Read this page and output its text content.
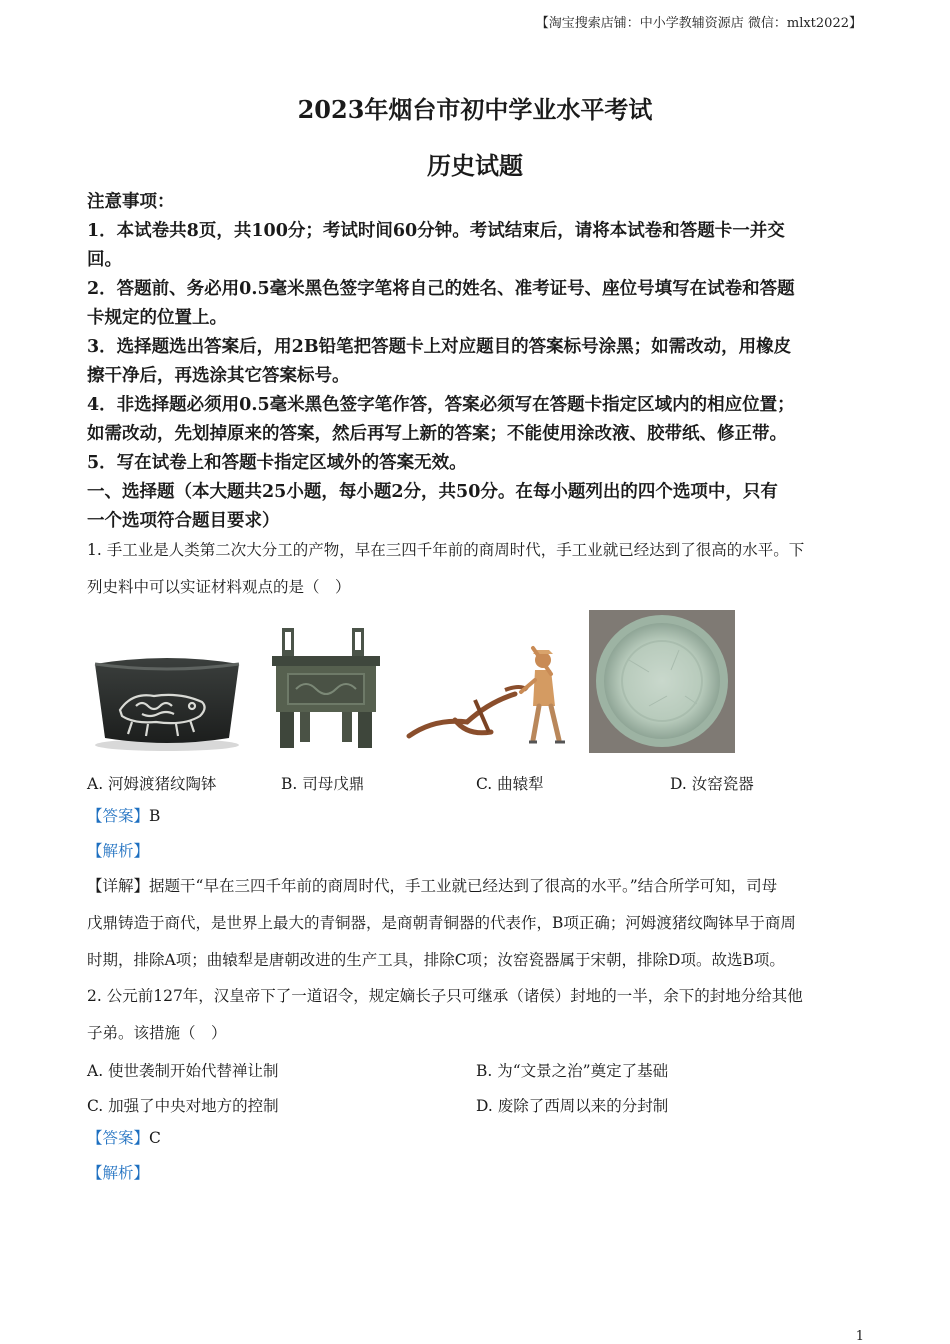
【淘宝搜索店铺：中小学教辅资源店 微信：mlxt2022】
2023年烟台市初中学业水平考试
历史试题
注意事项：
1．本试卷共8页，共100分；考试时间60分钟。考试结束后，请将本试卷和答题卡一并交
回。
2．答题前、务必用0.5毫米黑色签字笔将自己的姓名、准考证号、座位号填写在试卷和答题
卡规定的位置上。
3．选择题选出答案后，用2B铅笔把答题卡上对应题目的答案标号涂黑；如需改动，用橡皮
擦干净后，再选涂其它答案标号。
4．非选择题必须用0.5毫米黑色签字笔作答，答案必须写在答题卡指定区域内的相应位置；
如需改动，先划掉原来的答案，然后再写上新的答案；不能使用涂改液、胶带纸、修正带。
5．写在试卷上和答题卡指定区域外的答案无效。
一、选择题（本大题共25小题，每小题2分，共50分。在每小题列出的四个选项中，只有
一个选项符合题目要求）
1. 手工业是人类第二次大分工的产物，早在三四千年前的商周时代，手工业就已经达到了很高的水平。下
列史料中可以实证材料观点的是（　）
A. 河姆渡猪纹陶钵	B. 司母戊鼎	C. 曲辕犁	D. 汝窑瓷器
【答案】B
【解析】
【详解】据题干“早在三四千年前的商周时代，手工业就已经达到了很高的水平。”结合所学可知，司母
戊鼎铸造于商代，是世界上最大的青铜器，是商朝青铜器的代表作，B项正确；河姆渡猪纹陶钵早于商周
时期，排除A项；曲辕犁是唐朝改进的生产工具，排除C项；汝窑瓷器属于宋朝，排除D项。故选B项。
2. 公元前127年，汉皇帝下了一道诏令，规定嫡长子只可继承（诸侯）封地的一半，余下的封地分给其他
子弟。该措施（　）
A. 使世袭制开始代替禅让制	B. 为“文景之治”奠定了基础
C. 加强了中央对地方的控制	D. 废除了西周以来的分封制
【答案】C
【解析】
1
